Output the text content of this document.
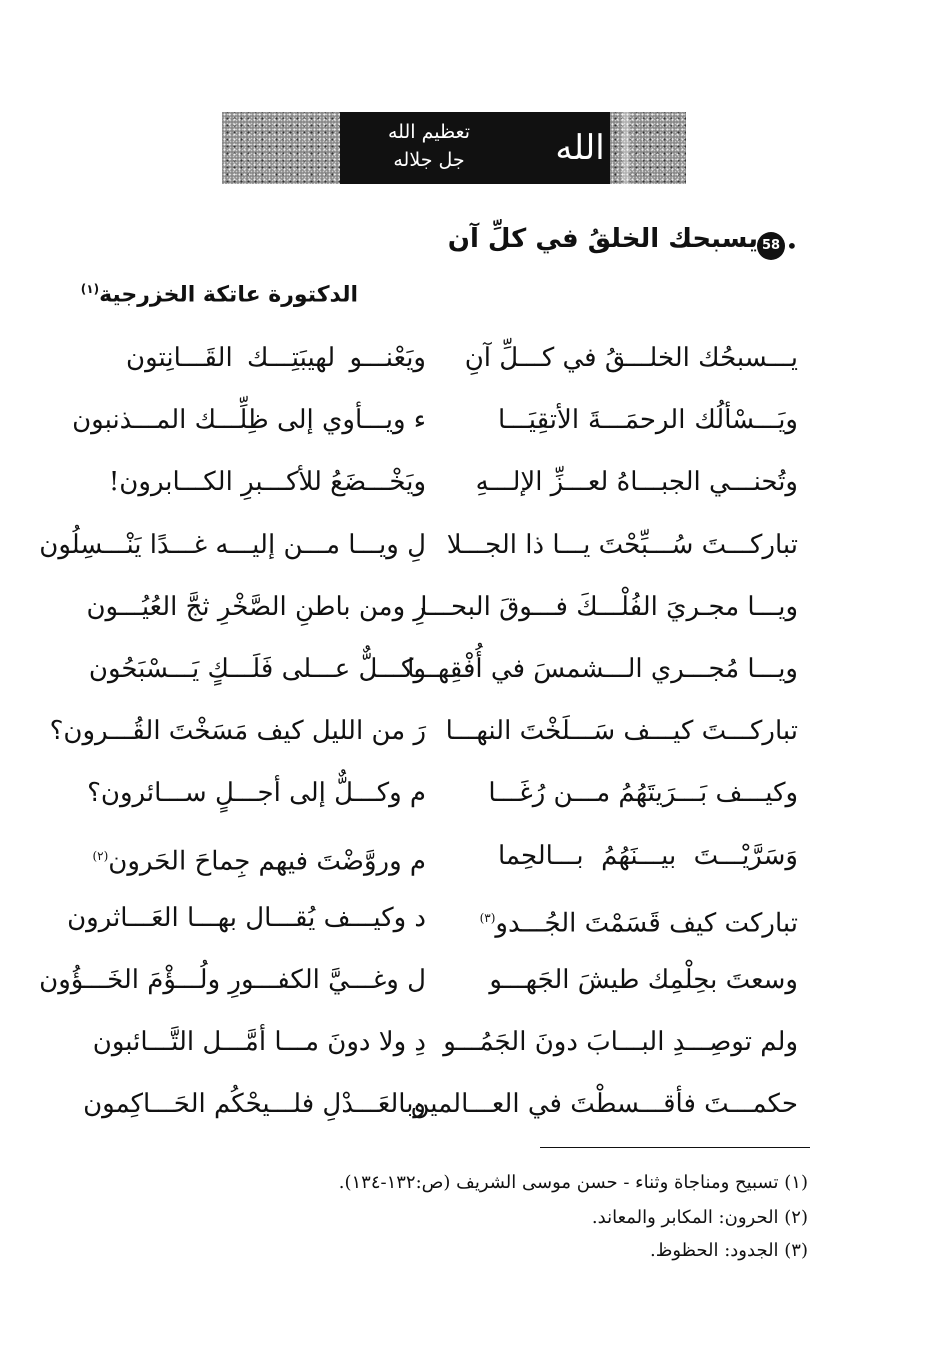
تعظيم الله
جل جلاله	الله
•
58
يسبحك الخلقُ في كلِّ آن
الدكتورة عاتكة الخزرجية$^{(١)}$
يـــسبحُك الخلـــقُ في كـــلِّ آنِ
ويَعْنـــو لهيبَتِـــك القَـــانِتون
ويَـــسْألُك الرحمَـــةَ الأتقِيَـــا
ء ويـــأوي إلى ظِلِّـــك المـــذنبون
وتُحنـــي الجبـــاهُ لعـــزِّ الإلـــهِ
ويَخْـــضَعُ للأكـــبرِ الكـــابرون!
تباركـــتَ سُـــبِّحْتَ يـــا ذا الجـــلا
لِ ويـــا مـــن إليـــه غـــدًا يَنْـــسِلُون
ويـــا مجـريَ الفُلْـــكَ فـــوقَ البحـــا
رِ ومن باطنِ الصَّخْرِ ثجَّ العُيُـــون
ويـــا مُجـــري الـــشمسَ في أُفْقِهـــا
وكـــلٌّ عـــلى فَلَـــكٍ يَـــسْبَحُون
تباركـــتَ كيـــف سَـــلَخْتَ النهـــا
رَ من الليل كيف مَسَخْتَ القُـــرون؟
وكيـــف بَـــرَيتَهُمُ مـــن رُغَـــا
م وكـــلٌّ إلى أجـــلٍ ســـائرون؟
وَسَرَّيْـــتَ بيـــنَهُمُ بـــالحِما
م وروَّضْتَ فيهم جِماحَ الحَرون$^{(٢)}$
تباركت كيف قَسَمْتَ الجُـــدو$^{(٣)}$
د وكيـــف يُقـــال بهـــا العَـــاثرون
وسعتَ بحِلْمِك طيشَ الجَهـــو
ل وغـــيَّ الكفـــورِ ولُـــؤْمَ الخَـــؤُون
ولم توصِـــدِ البـــابَ دونَ الجَمُـــو
دِ ولا دونَ مـــا أمَّـــل التَّـــائبون
حكمـــتَ فأقـــسطْتَ في العـــالمين
وبالعَـــدْلِ فلـــيحْكُم الحَـــاكِمون
(١) تسبيح ومناجاة وثناء - حسن موسى الشريف (ص:١٣٢-١٣٤).
(٢) الحرون: المكابر والمعاند.
(٣) الجدود: الحظوظ.
